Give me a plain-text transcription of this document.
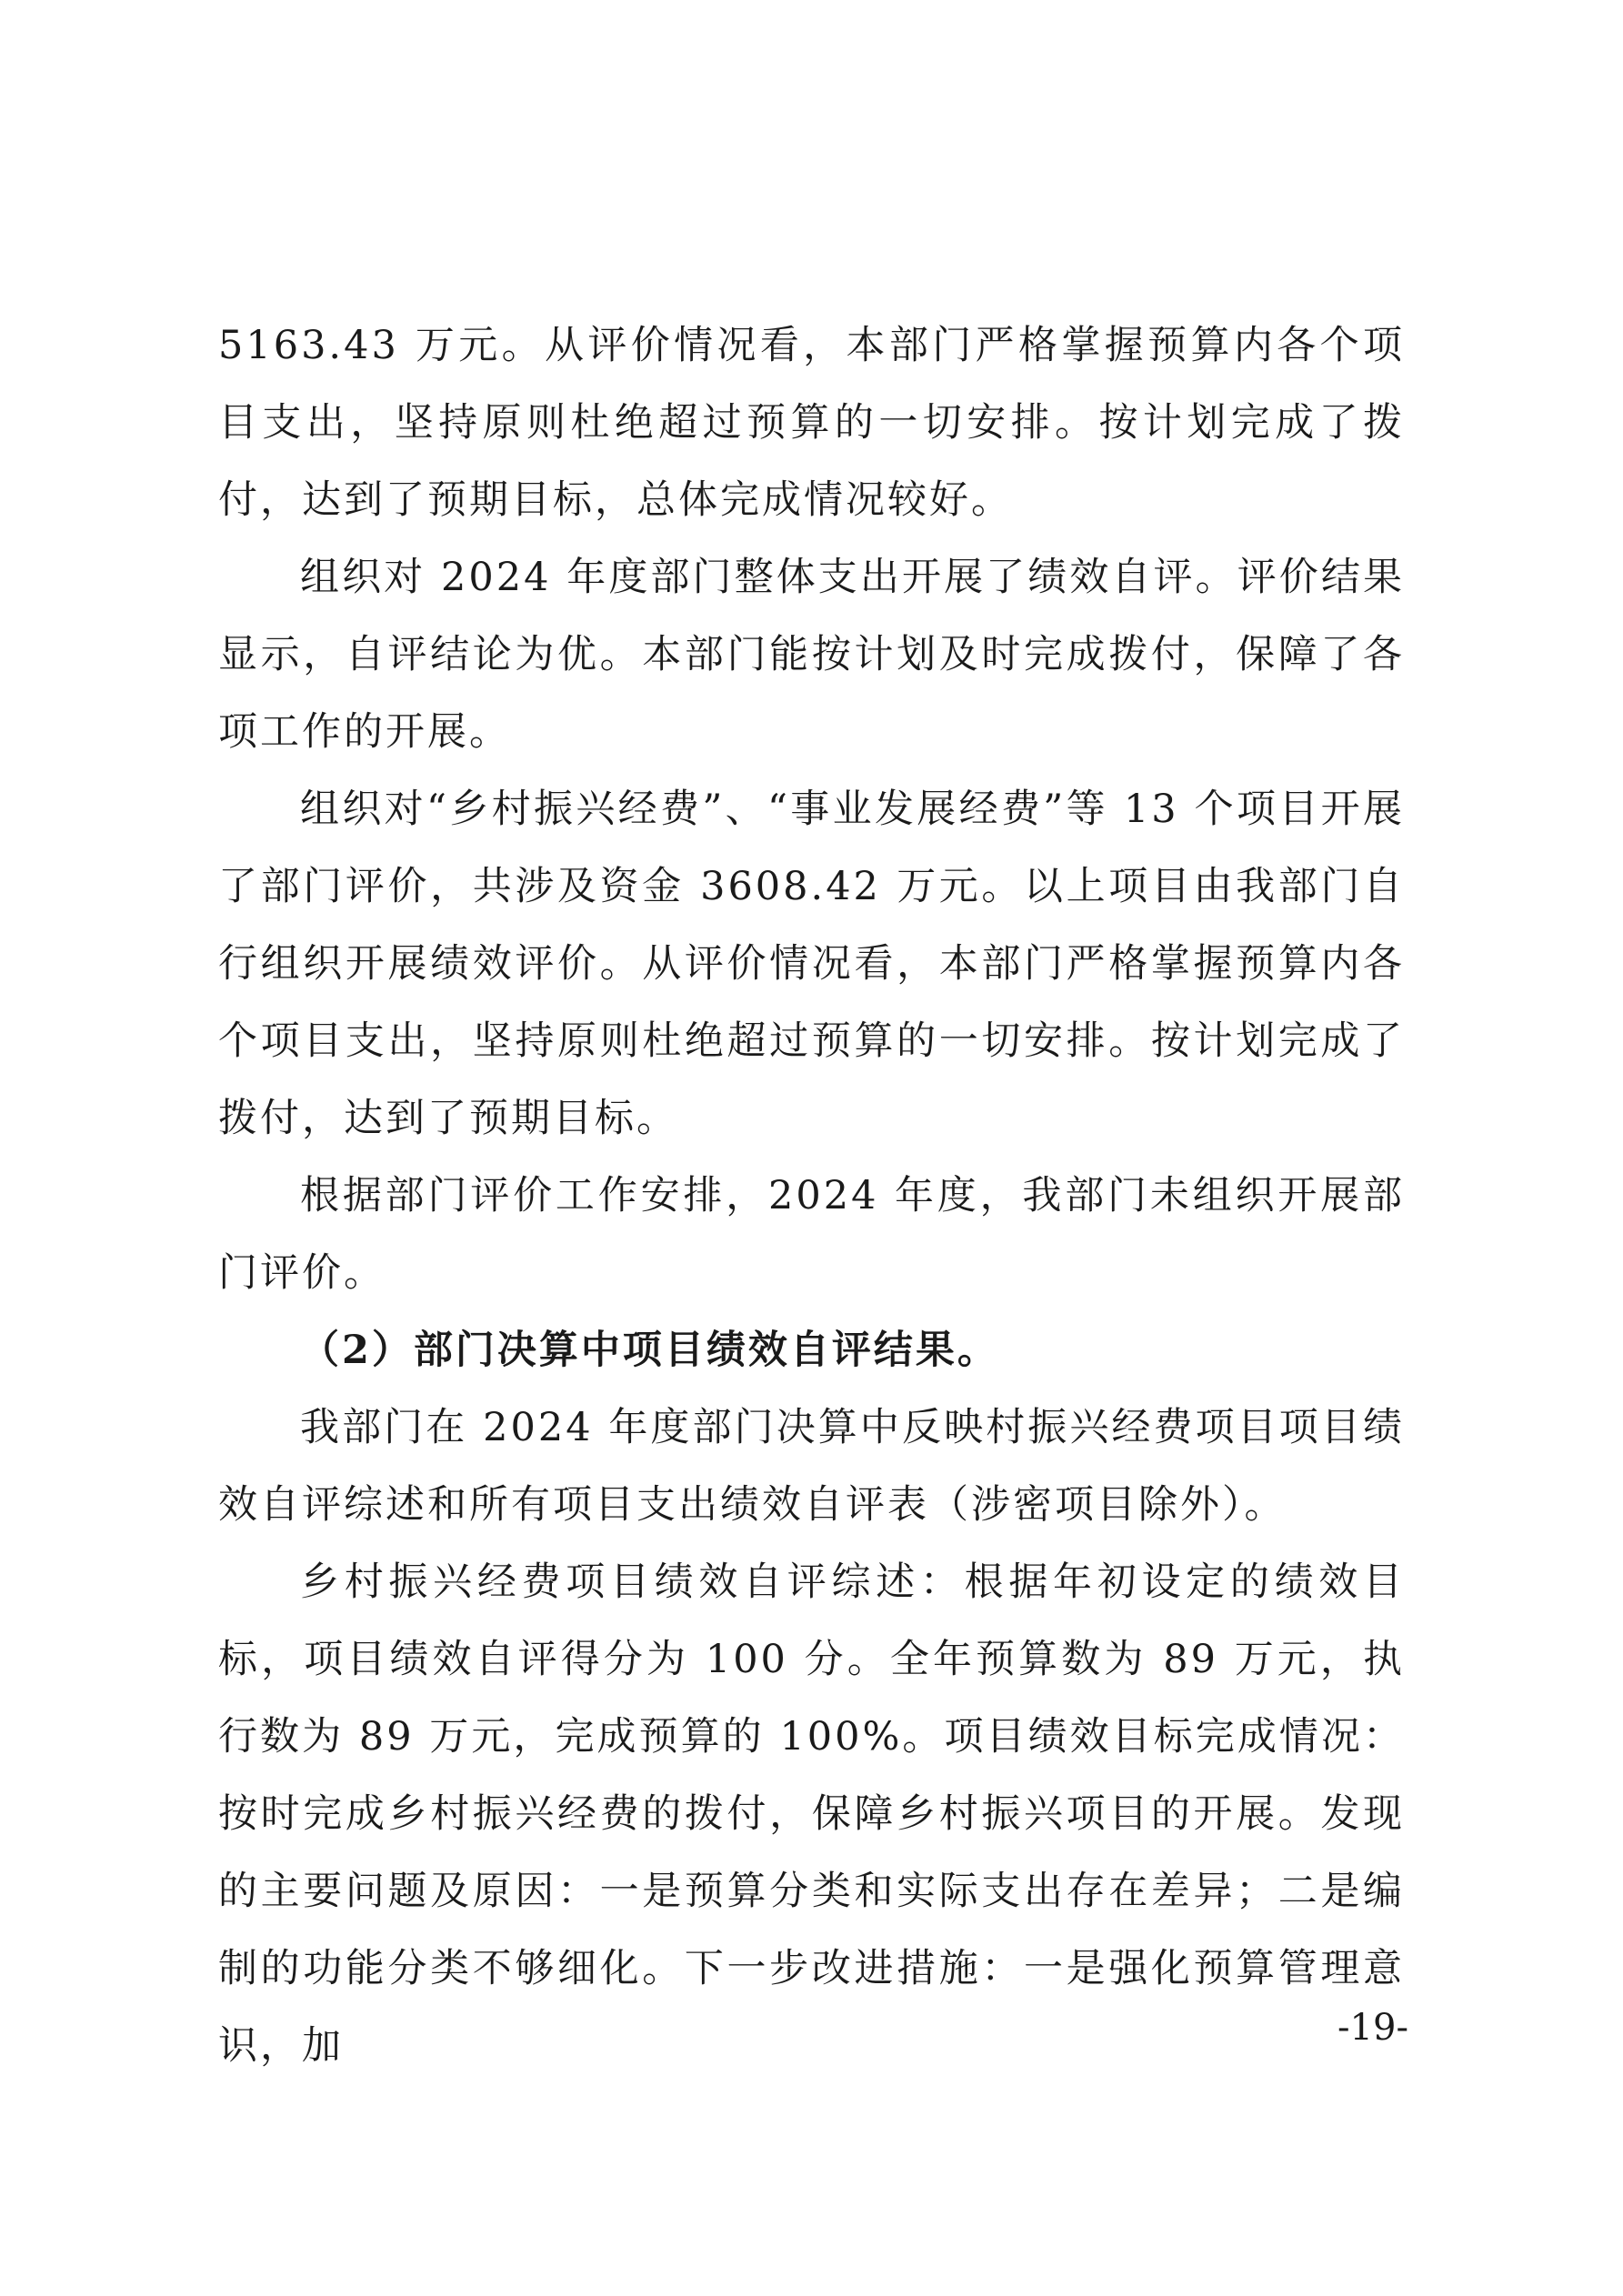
5163.43 万元。从评价情况看，本部门严格掌握预算内各个项目支出，坚持原则杜绝超过预算的一切安排。按计划完成了拨付，达到了预期目标，总体完成情况较好。

组织对 2024 年度部门整体支出开展了绩效自评。评价结果显示，自评结论为优。本部门能按计划及时完成拨付，保障了各项工作的开展。

组织对“乡村振兴经费”、“事业发展经费”等 13 个项目开展了部门评价，共涉及资金 3608.42 万元。以上项目由我部门自行组织开展绩效评价。从评价情况看，本部门严格掌握预算内各个项目支出，坚持原则杜绝超过预算的一切安排。按计划完成了拨付，达到了预期目标。

根据部门评价工作安排，2024 年度，我部门未组织开展部门评价。

（2）部门决算中项目绩效自评结果。

我部门在 2024 年度部门决算中反映村振兴经费项目项目绩效自评综述和所有项目支出绩效自评表（涉密项目除外）。

乡村振兴经费项目绩效自评综述：根据年初设定的绩效目标，项目绩效自评得分为 100 分。全年预算数为 89 万元，执行数为 89 万元，完成预算的 100%。项目绩效目标完成情况：按时完成乡村振兴经费的拨付，保障乡村振兴项目的开展。发现的主要问题及原因：一是预算分类和实际支出存在差异；二是编制的功能分类不够细化。下一步改进措施：一是强化预算管理意识，加	-19-
